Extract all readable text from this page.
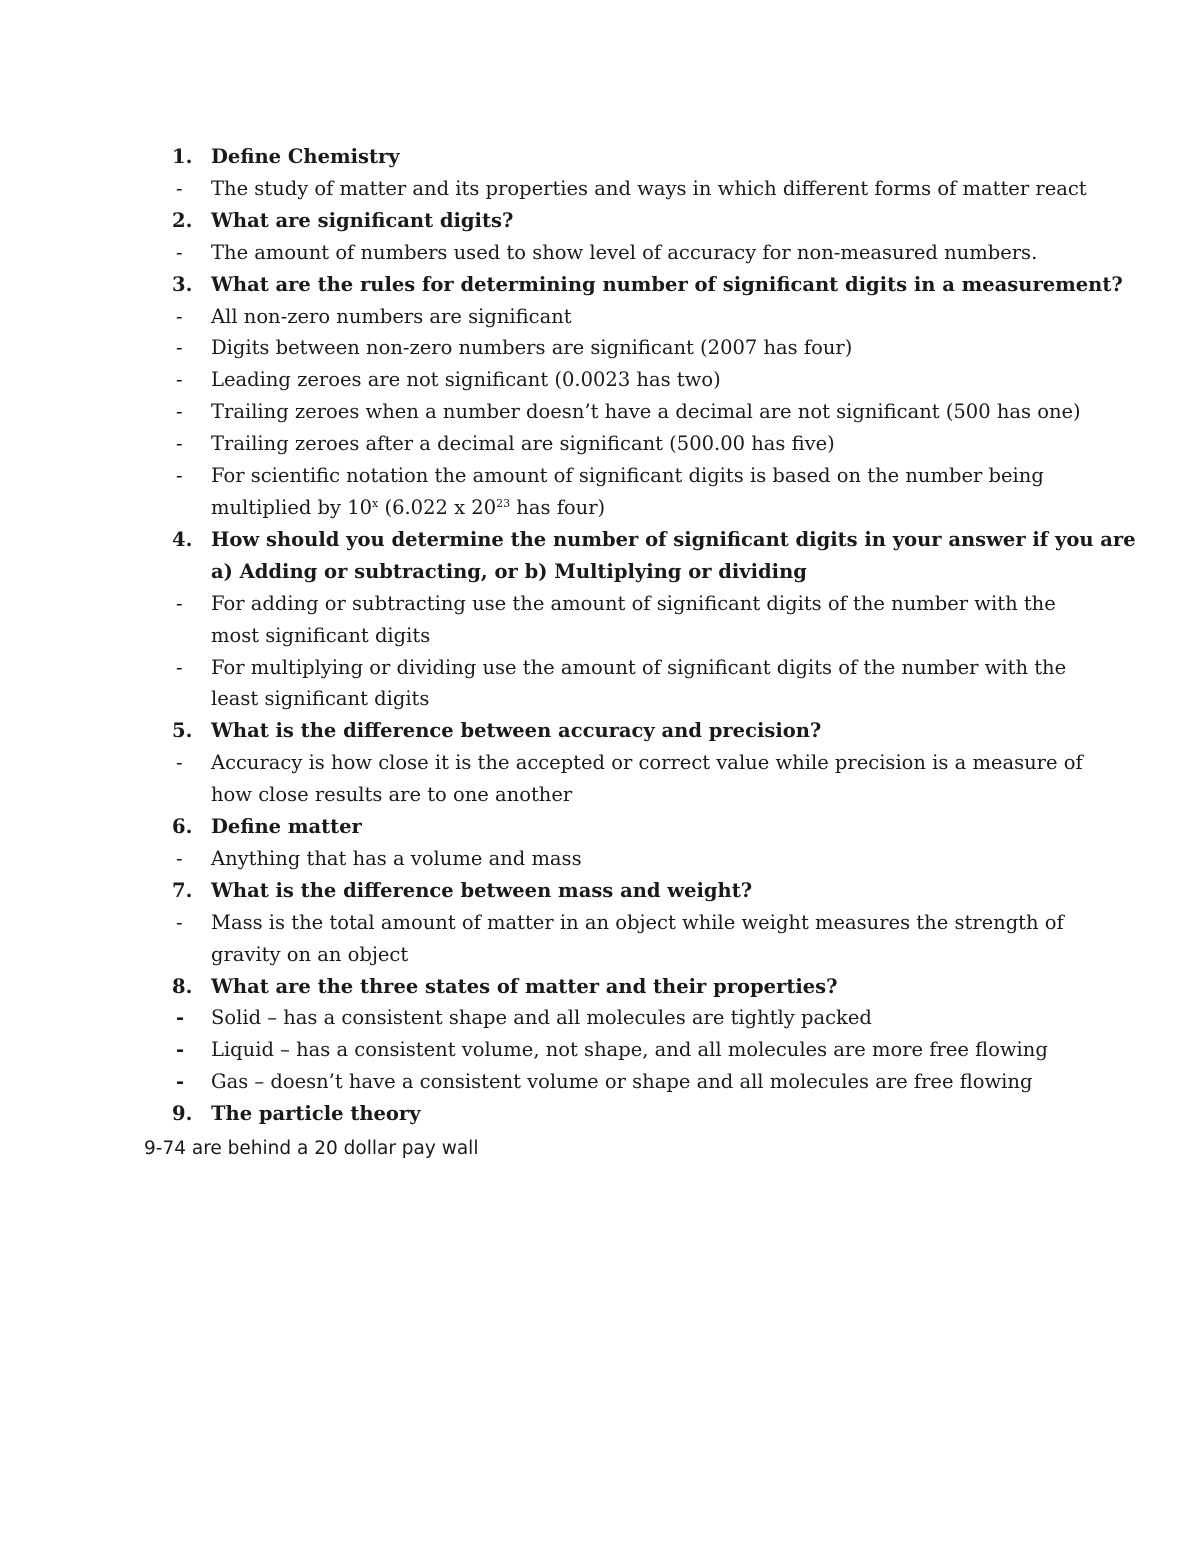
1. Define Chemistry
- The study of matter and its properties and ways in which different forms of matter react
2. What are significant digits?
- The amount of numbers used to show level of accuracy for non-measured numbers.
3. What are the rules for determining number of significant digits in a measurement?
- All non-zero numbers are significant
- Digits between non-zero numbers are significant (2007 has four)
- Leading zeroes are not significant (0.0023 has two)
- Trailing zeroes when a number doesn’t have a decimal are not significant (500 has one)
- Trailing zeroes after a decimal are significant (500.00 has five)
- For scientific notation the amount of significant digits is based on the number being
multiplied by 10$^x$ (6.022 x $20^{23}$ has four)
4. How should you determine the number of significant digits in your answer if you are
a) Adding or subtracting, or b) Multiplying or dividing
- For adding or subtracting use the amount of significant digits of the number with the
most significant digits
- For multiplying or dividing use the amount of significant digits of the number with the
least significant digits
5. What is the difference between accuracy and precision?
- Accuracy is how close it is the accepted or correct value while precision is a measure of
how close results are to one another
6. Define matter
- Anything that has a volume and mass
7. What is the difference between mass and weight?
- Mass is the total amount of matter in an object while weight measures the strength of
gravity on an object
8. What are the three states of matter and their properties?
- Solid – has a consistent shape and all molecules are tightly packed
- Liquid – has a consistent volume, not shape, and all molecules are more free flowing
- Gas – doesn’t have a consistent volume or shape and all molecules are free flowing
9. The particle theory
9-74 are behind a 20 dollar pay wall
